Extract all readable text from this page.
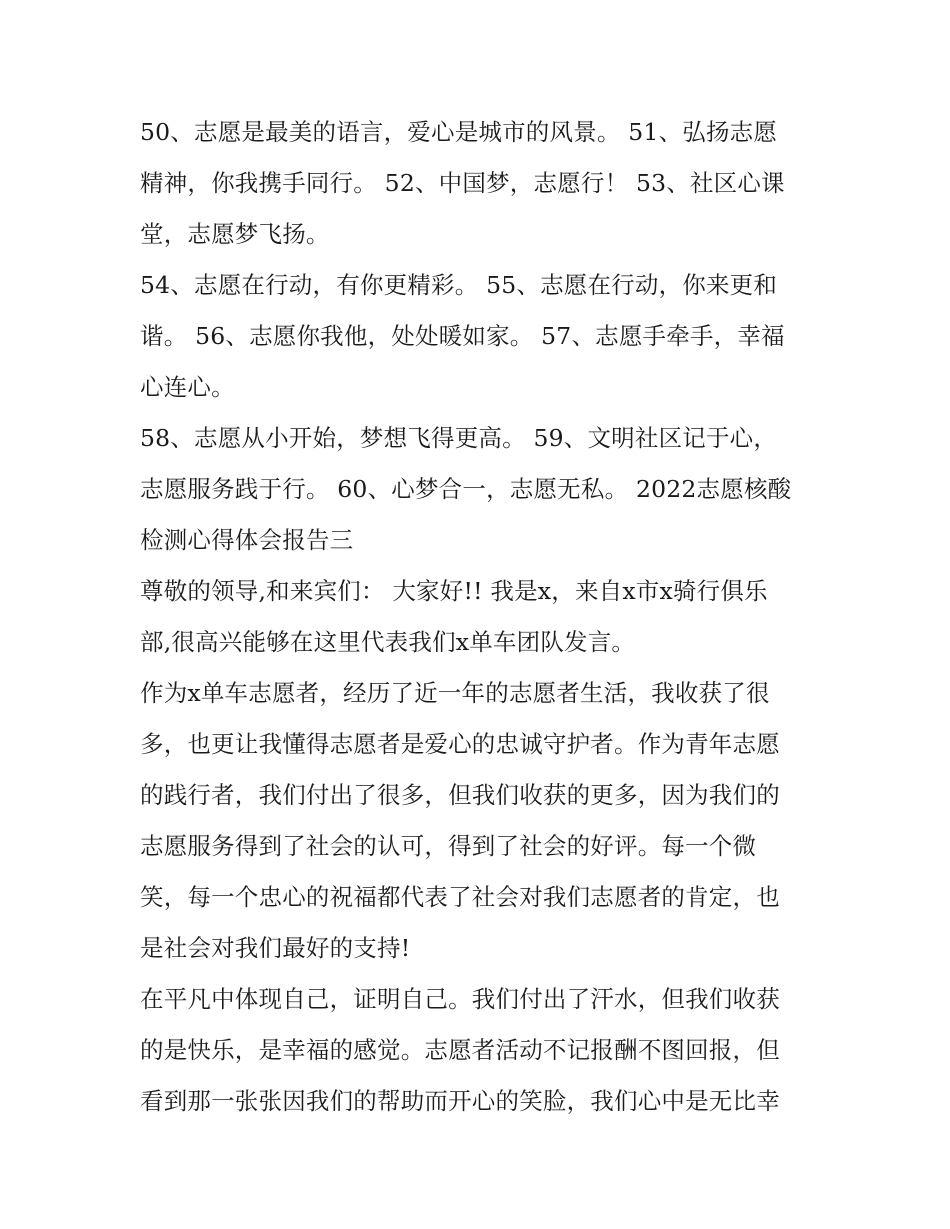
50、志愿是最美的语言，爱心是城市的风景。 51、弘扬志愿
精神，你我携手同行。 52、中国梦，志愿行！ 53、社区心课
堂，志愿梦飞扬。
54、志愿在行动，有你更精彩。 55、志愿在行动，你来更和
谐。 56、志愿你我他，处处暖如家。 57、志愿手牵手，幸福
心连心。
58、志愿从小开始，梦想飞得更高。 59、文明社区记于心，
志愿服务践于行。 60、心梦合一，志愿无私。 2022志愿核酸
检测心得体会报告三
尊敬的领导,和来宾们： 大家好!! 我是x，来自x市x骑行俱乐
部,很高兴能够在这里代表我们x单车团队发言。
作为x单车志愿者，经历了近一年的志愿者生活，我收获了很
多，也更让我懂得志愿者是爱心的忠诚守护者。作为青年志愿
的践行者，我们付出了很多，但我们收获的更多，因为我们的
志愿服务得到了社会的认可，得到了社会的好评。每一个微
笑，每一个忠心的祝福都代表了社会对我们志愿者的肯定，也
是社会对我们最好的支持!
在平凡中体现自己，证明自己。我们付出了汗水，但我们收获
的是快乐，是幸福的感觉。志愿者活动不记报酬不图回报，但
看到那一张张因我们的帮助而开心的笑脸，我们心中是无比幸
